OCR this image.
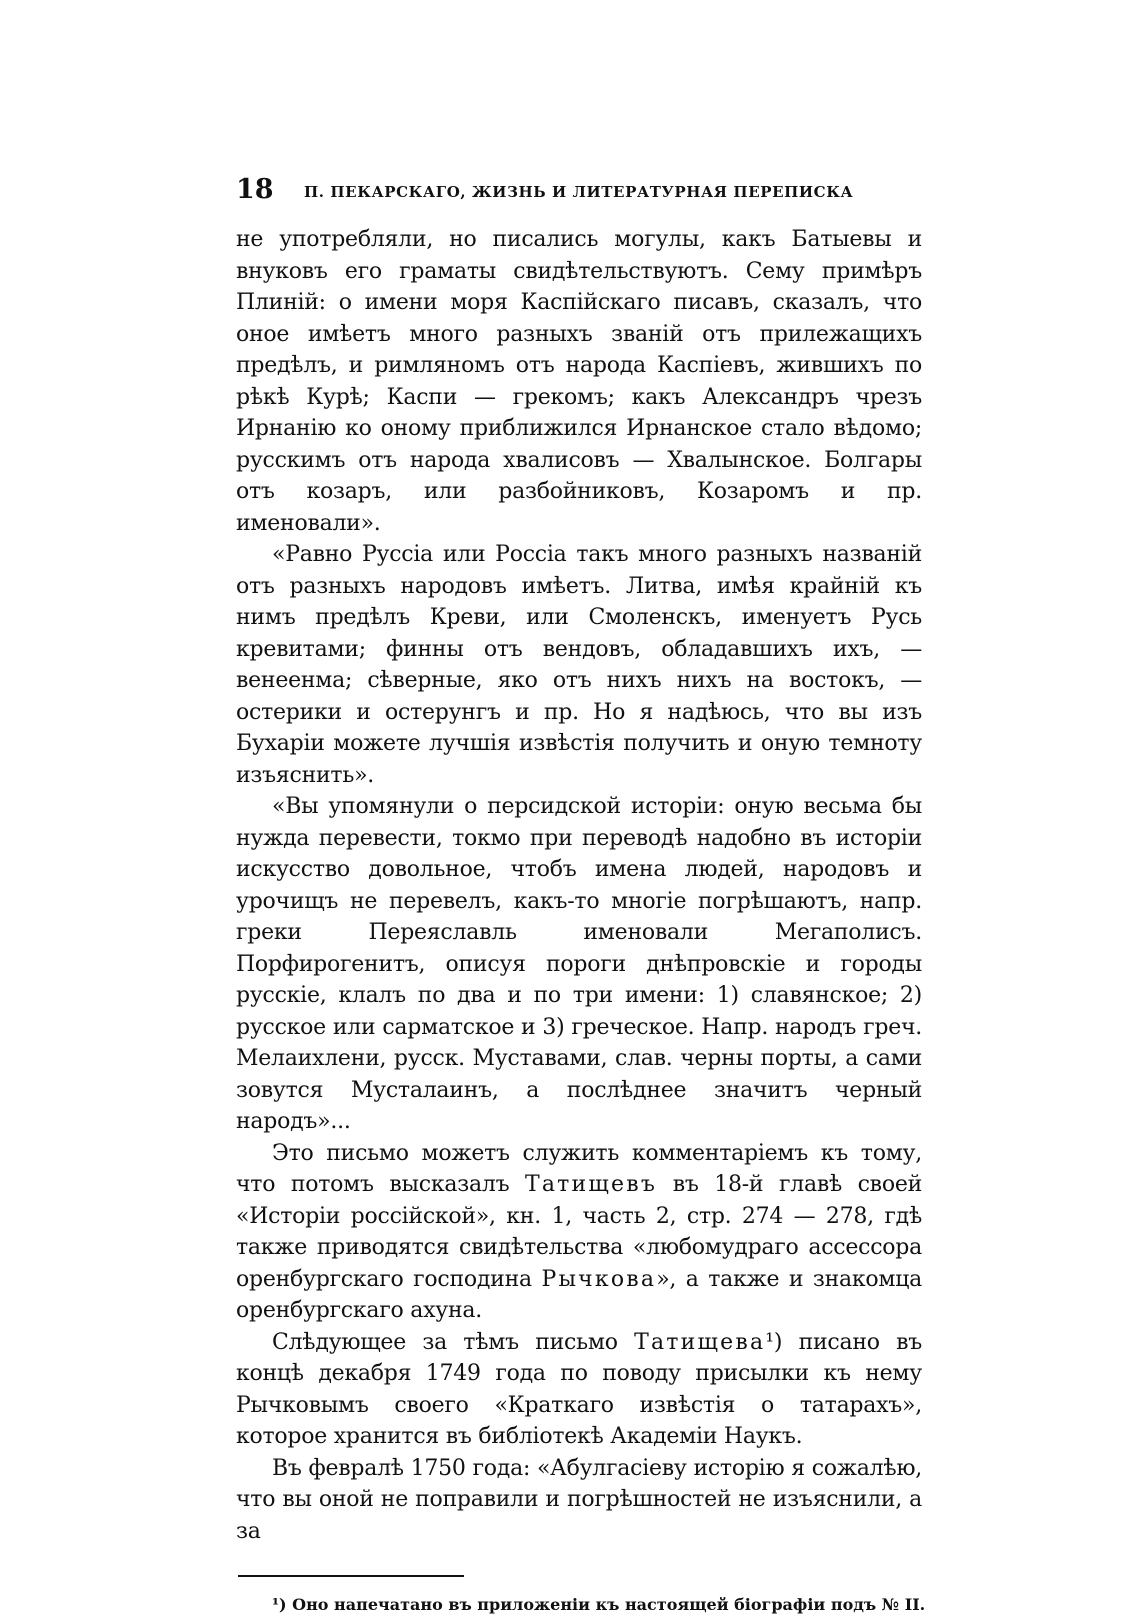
18 П. ПЕКАРСКАГО, ЖИЗНЬ И ЛИТЕРАТУРНАЯ ПЕРЕПИСКА

не употребляли, но писались могулы, какъ Батыевы и внуковъ его граматы свидѣтельствуютъ. Сему примѣръ Плиній: о имени моря Каспійскаго писавъ, сказалъ, что оное имѣетъ много разныхъ званій отъ прилежащихъ предѣлъ, и римляномъ отъ народа Каспіевъ, жившихъ по рѣкѣ Курѣ; Каспи — грекомъ; какъ Александръ чрезъ Ирнанію ко оному приближился Ирнанское стало вѣдомо; русскимъ отъ народа хвалисовъ — Хвалынское. Болгары отъ козаръ, или разбойниковъ, Козаромъ и пр. именовали».

«Равно Руссіа или Россіа такъ много разныхъ названій отъ разныхъ народовъ имѣетъ. Литва, имѣя крайній къ нимъ предѣлъ Креви, или Смоленскъ, именуетъ Русь кревитами; финны отъ вендовъ, обладавшихъ ихъ, — венеенма; сѣверные, яко отъ нихъ нихъ на востокъ, — остерики и остерунгъ и пр. Но я надѣюсь, что вы изъ Бухаріи можете лучшія извѣстія получить и оную темноту изъяснить».

«Вы упомянули о персидской исторіи: оную весьма бы нужда перевести, токмо при переводѣ надобно въ исторіи искусство довольное, чтобъ имена людей, народовъ и урочищъ не перевелъ, какъ-то многіе погрѣшаютъ, напр. греки Переяславль именовали Мегаполисъ. Порфирогенитъ, описуя пороги днѣпровскіе и городы русскіе, клалъ по два и по три имени: 1) славянское; 2) русское или сарматское и 3) греческое. Напр. народъ греч. Мелаихлени, русск. Муставами, слав. черны порты, а сами зовутся Мусталаинъ, а послѣднее значитъ черный народъ»...

Это письмо можетъ служить комментаріемъ къ тому, что потомъ высказалъ Татищевъ въ 18-й главѣ своей «Исторіи россійской», кн. 1, часть 2, стр. 274 — 278, гдѣ также приводятся свидѣтельства «любомудраго ассессора оренбургскаго господина Рычкова», а также и знакомца оренбургскаго ахуна.

Слѣдующее за тѣмъ письмо Татищева¹) писано въ концѣ декабря 1749 года по поводу присылки къ нему Рычковымъ своего «Краткаго извѣстія о татарахъ», которое хранится въ библіотекѣ Академіи Наукъ.

Въ февралѣ 1750 года: «Абулгасіеву исторію я сожалѣю, что вы оной не поправили и погрѣшностей не изъяснили, а за

¹) Оно напечатано въ приложеніи къ настоящей біографіи подъ № II.
